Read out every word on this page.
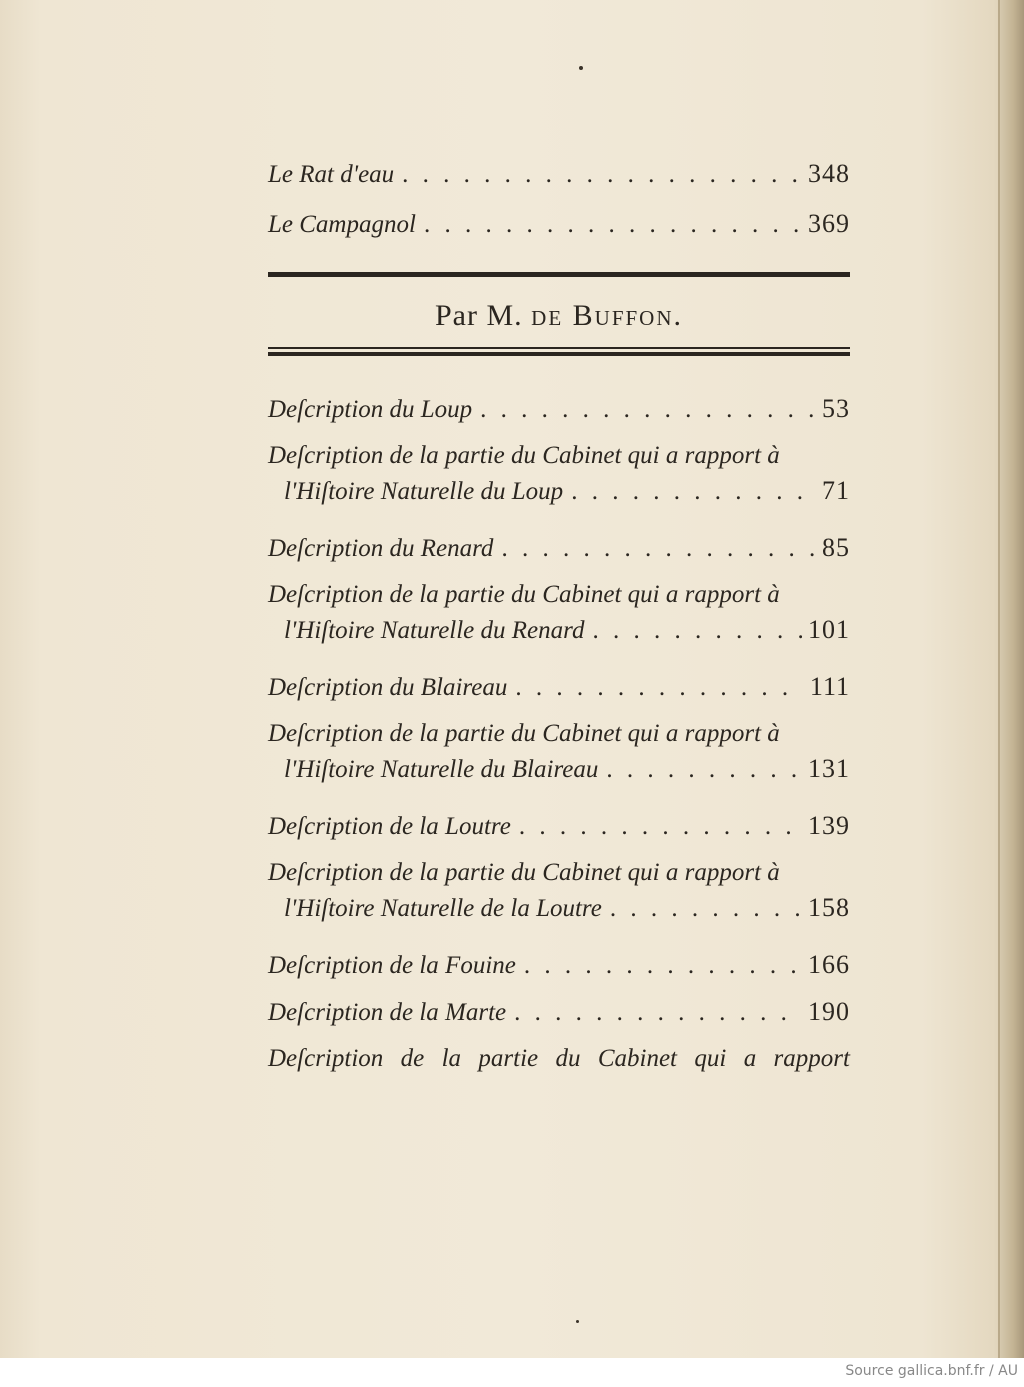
Le Rat d'eau . . .	348
Le Campagnol . . .	369
Par M. de Buffon.
Deſcription du Loup . . .	53
Deſcription de la partie du Cabinet qui a rapport à
l'Hiſtoire Naturelle du Loup . . .	71
Deſcription du Renard . . .	85
Deſcription de la partie du Cabinet qui a rapport à
l'Hiſtoire Naturelle du Renard . . .	101
Deſcription du Blaireau . . .	111
Deſcription de la partie du Cabinet qui a rapport à
l'Hiſtoire Naturelle du Blaireau . . .	131
Deſcription de la Loutre . . .	139
Deſcription de la partie du Cabinet qui a rapport à
l'Hiſtoire Naturelle de la Loutre . . .	158
Deſcription de la Fouine . . .	166
Deſcription de la Marte . . .	190
Deſcription de la partie du Cabinet qui a rapport
Source gallica.bnf.fr / AU
